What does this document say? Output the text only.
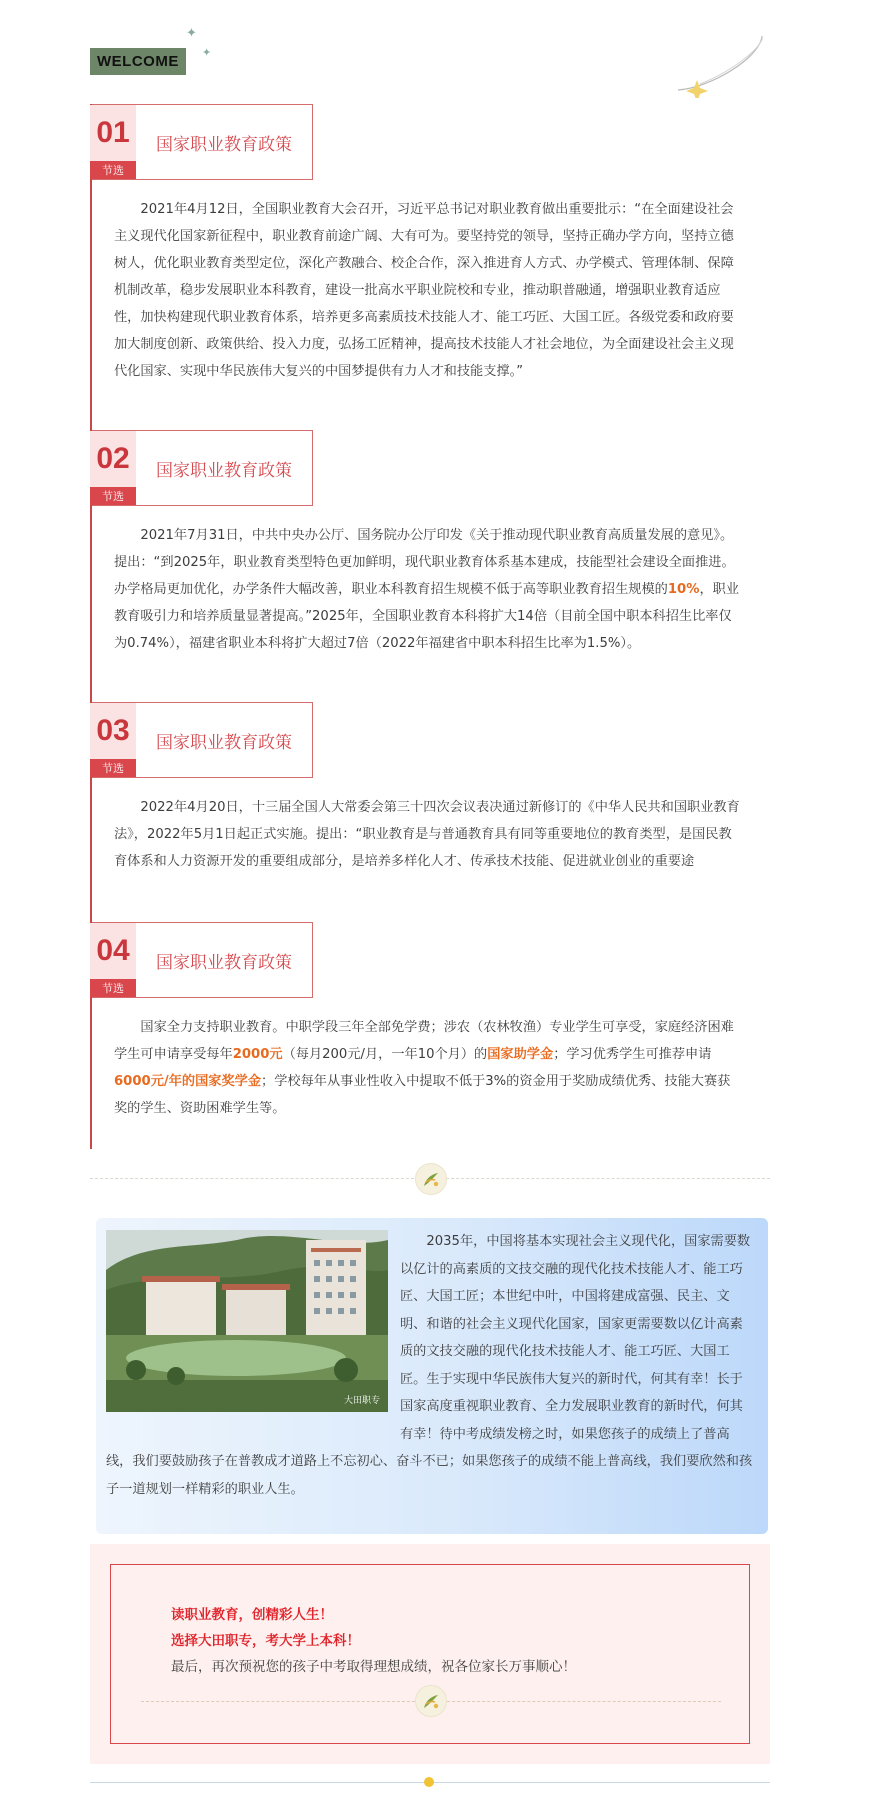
WELCOME
✦
✦
01
节选
国家职业教育政策
2021年4月12日，全国职业教育大会召开，习近平总书记对职业教育做出重要批示：“在全面建设社会主义现代化国家新征程中，职业教育前途广阔、大有可为。要坚持党的领导，坚持正确办学方向，坚持立德树人，优化职业教育类型定位，深化产教融合、校企合作，深入推进育人方式、办学模式、管理体制、保障机制改革，稳步发展职业本科教育，建设一批高水平职业院校和专业，推动职普融通，增强职业教育适应性，加快构建现代职业教育体系，培养更多高素质技术技能人才、能工巧匠、大国工匠。各级党委和政府要加大制度创新、政策供给、投入力度，弘扬工匠精神，提高技术技能人才社会地位，为全面建设社会主义现代化国家、实现中华民族伟大复兴的中国梦提供有力人才和技能支撑。”
02
节选
国家职业教育政策
2021年7月31日，中共中央办公厅、国务院办公厅印发《关于推动现代职业教育高质量发展的意见》。提出：“到2025年，职业教育类型特色更加鲜明，现代职业教育体系基本建成，技能型社会建设全面推进。办学格局更加优化，办学条件大幅改善，职业本科教育招生规模不低于高等职业教育招生规模的10%，职业教育吸引力和培养质量显著提高。”2025年，全国职业教育本科将扩大14倍（目前全国中职本科招生比率仅为0.74%），福建省职业本科将扩大超过7倍（2022年福建省中职本科招生比率为1.5%）。
03
节选
国家职业教育政策
2022年4月20日，十三届全国人大常委会第三十四次会议表决通过新修订的《中华人民共和国职业教育法》，2022年5月1日起正式实施。提出：“职业教育是与普通教育具有同等重要地位的教育类型，是国民教育体系和人力资源开发的重要组成部分，是培养多样化人才、传承技术技能、促进就业创业的重要途
04
节选
国家职业教育政策
国家全力支持职业教育。中职学段三年全部免学费；涉农（农林牧渔）专业学生可享受，家庭经济困难学生可申请享受每年2000元（每月200元/月，一年10个月）的国家助学金；学习优秀学生可推荐申请6000元/年的国家奖学金；学校每年从事业性收入中提取不低于3%的资金用于奖励成绩优秀、技能大赛获奖的学生、资助困难学生等。
大田职专
2035年，中国将基本实现社会主义现代化，国家需要数以亿计的高素质的文技交融的现代化技术技能人才、能工巧匠、大国工匠；本世纪中叶，中国将建成富强、民主、文明、和谐的社会主义现代化国家，国家更需要数以亿计高素质的文技交融的现代化技术技能人才、能工巧匠、大国工匠。生于实现中华民族伟大复兴的新时代，何其有幸！长于国家高度重视职业教育、全力发展职业教育的新时代，何其有幸！待中考成绩发榜之时，如果您孩子的成绩上了普高线，我们要鼓励孩子在普教成才道路上不忘初心、奋斗不已；如果您孩子的成绩不能上普高线，我们要欣然和孩子一道规划一样精彩的职业人生。
读职业教育，创精彩人生！
选择大田职专，考大学上本科！
最后，再次预祝您的孩子中考取得理想成绩，祝各位家长万事顺心！
